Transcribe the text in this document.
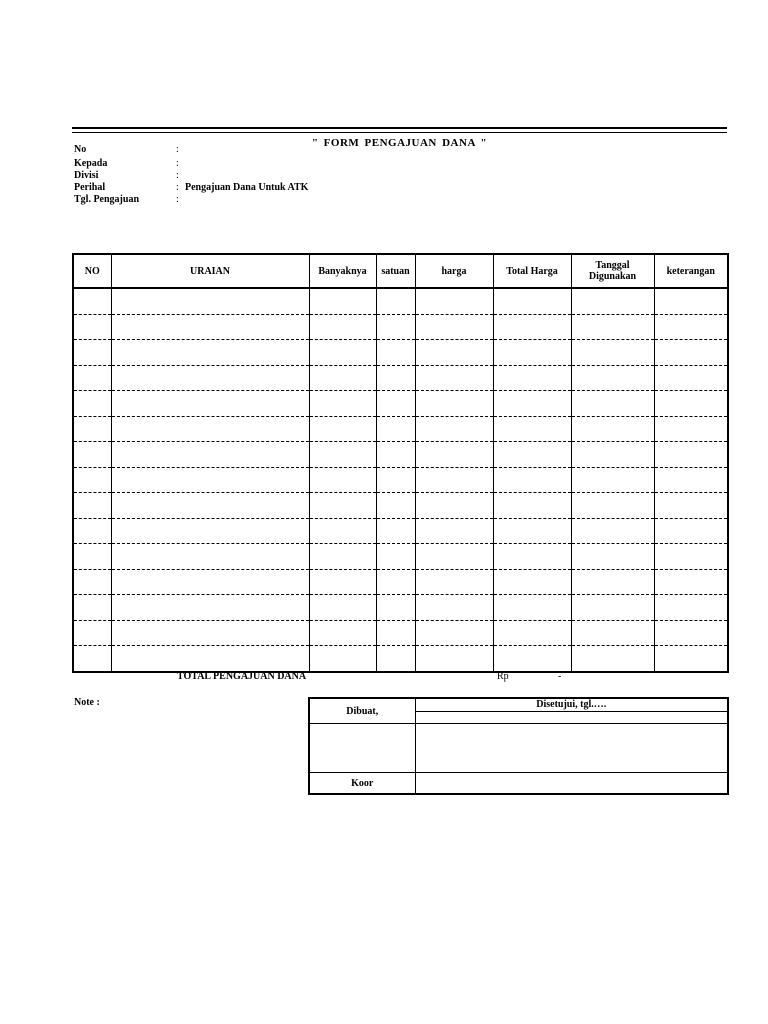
" FORM PENGAJUAN DANA "
No	:
Kepada	:
Divisi	:
Perihal	: Pengajuan Dana Untuk ATK
Tgl. Pengajuan	:
NO	URAIAN	Banyaknya	satuan	harga	Total Harga	Tanggal Digunakan	keterangan

TOTAL PENGAJUAN DANA	Rp	-
Note :
Dibuat,	Disetujui, tgl.….

Koor	
